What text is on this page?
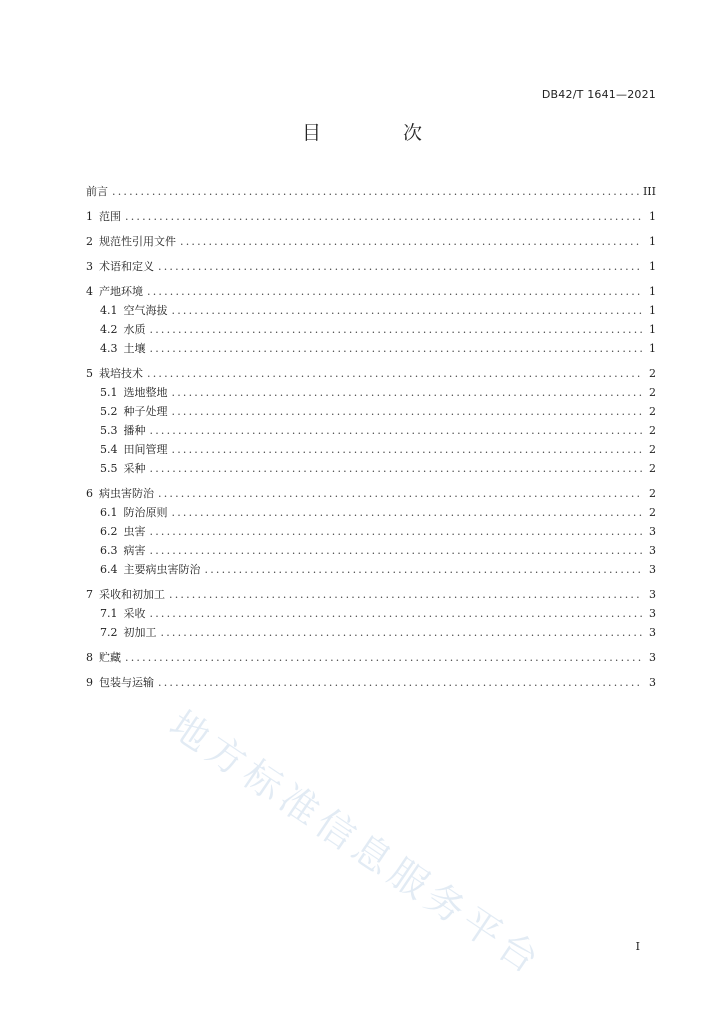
DB42/T 1641—2021
目 次
前言 .....	III
1 范围 .....	1
2 规范性引用文件 .....	1
3 术语和定义 .....	1
4 产地环境 .....	1
4.1 空气海拔 .....	1
4.2 水质 .....	1
4.3 土壤 .....	1
5 栽培技术 .....	2
5.1 选地整地 .....	2
5.2 种子处理 .....	2
5.3 播种 .....	2
5.4 田间管理 .....	2
5.5 采种 .....	2
6 病虫害防治 .....	2
6.1 防治原则 .....	2
6.2 虫害 .....	3
6.3 病害 .....	3
6.4 主要病虫害防治 .....	3
7 采收和初加工 .....	3
7.1 采收 .....	3
7.2 初加工 .....	3
8 贮藏 .....	3
9 包装与运输 .....	3
地方标准信息服务平台	I
